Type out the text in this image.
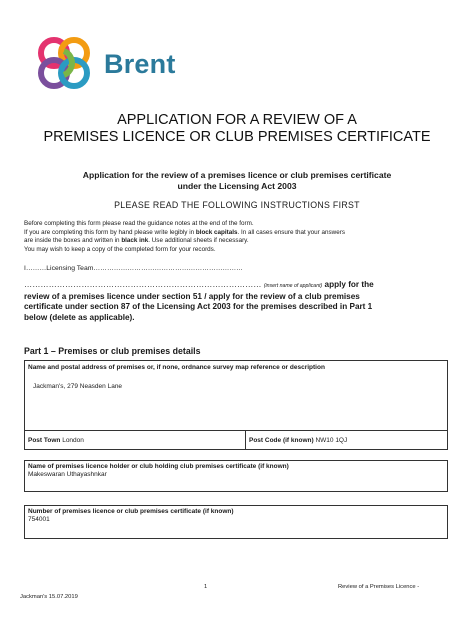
Brent
APPLICATION FOR A REVIEW OF A
PREMISES LICENCE OR CLUB PREMISES CERTIFICATE
Application for the review of a premises licence or club premises certificate
under the Licensing Act 2003
PLEASE READ THE FOLLOWING INSTRUCTIONS FIRST
Before completing this form please read the guidance notes at the end of the form.
If you are completing this form by hand please write legibly in block capitals. In all cases ensure that your answers
are inside the boxes and written in black ink. Use additional sheets if necessary.
You may wish to keep a copy of the completed form for your records.
I………Licensing Team…………………………………………………………
…………………………………………………………………………… (insert name of applicant) apply for the
review of a premises licence under section 51 / apply for the review of a club premises
certificate under section 87 of the Licensing Act 2003 for the premises described in Part 1
below (delete as applicable).
Part 1 – Premises or club premises details
Name and postal address of premises or, if none, ordnance survey map reference or description
Jackman's, 279 Neasden Lane
Post Town
London	Post Code (if known)
NW10 1QJ
Name of premises licence holder or club holding club premises certificate (if known)
Makeswaran Uthayashnkar
Number of premises licence or club premises certificate (if known)
754001
1	Review of a Premises Licence -
Jackman's 15.07.2019
